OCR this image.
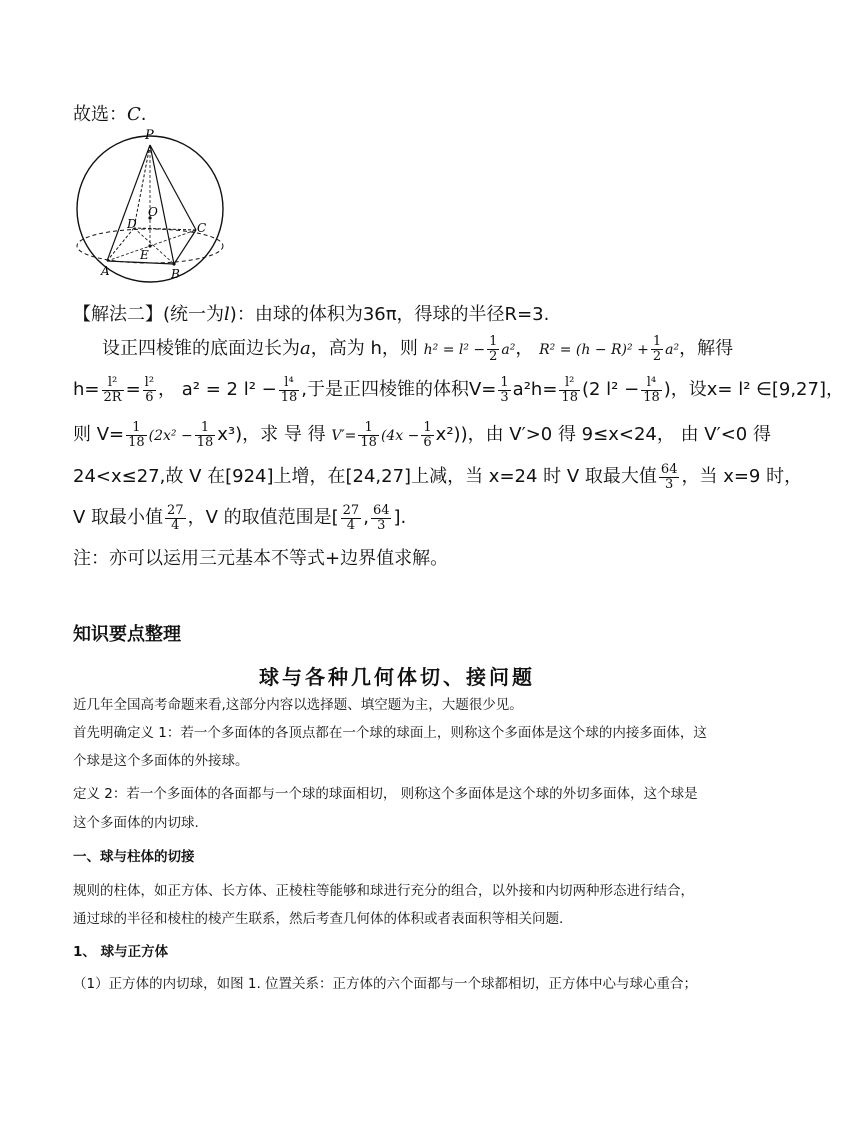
故选：C.
P
O
D	C
E
A	B
【解法二】(统一为l)：由球的体积为36π，得球的半径R=3.
设正四棱锥的底面边长为a，高为 h，则 $h^2 = l^2 - \frac{1}{2} a^2$， $R^2 = (h - R)^2 + \frac{1}{2} a^2$，解得
$h= \frac{\text{l²}}{2R} = \frac{\text{l²}}{6}$ ， a² = 2 $l^2 - \frac{\text{l⁴}}{18}$ ,于是正四棱锥的体积$V= \frac{1}{3} a^2h= \frac{\text{l²}}{18} (2$ $l^2 - \frac{\text{l⁴}}{18}$ )，设x= l² ∈[9,27]，
则 $V= \frac{1}{18} (2x^2 - \frac{1}{18} x^3)$，求 导 得 $V'= \frac{1}{18} (4x - \frac{1}{6} x^2)$)，由 V′>0 得 9≤x<24， 由 V′<0 得
24<x≤27,故 V 在[924]上增，在[24,27]上减，当 x=24 时 V 取最大值 $\frac{64}{3}$ ，当 x=9 时，
V 取最小值 $\frac{27}{4}$ ，V 的取值范围是[ $\frac{27}{4}$ , $\frac{64}{3}$ ].
注：亦可以运用三元基本不等式+边界值求解。
知识要点整理
球与各种几何体切、接问题
近几年全国高考命题来看,这部分内容以选择题、填空题为主，大题很少见。
首先明确定义 1：若一个多面体的各顶点都在一个球的球面上，则称这个多面体是这个球的内接多面体，这
个球是这个多面体的外接球。
定义 2：若一个多面体的各面都与一个球的球面相切， 则称这个多面体是这个球的外切多面体，这个球是
这个多面体的内切球.
一、球与柱体的切接
规则的柱体，如正方体、长方体、正棱柱等能够和球进行充分的组合，以外接和内切两种形态进行结合，
通过球的半径和棱柱的棱产生联系，然后考查几何体的体积或者表面积等相关问题.
1、 球与正方体
（1）正方体的内切球，如图 1. 位置关系：正方体的六个面都与一个球都相切，正方体中心与球心重合；
